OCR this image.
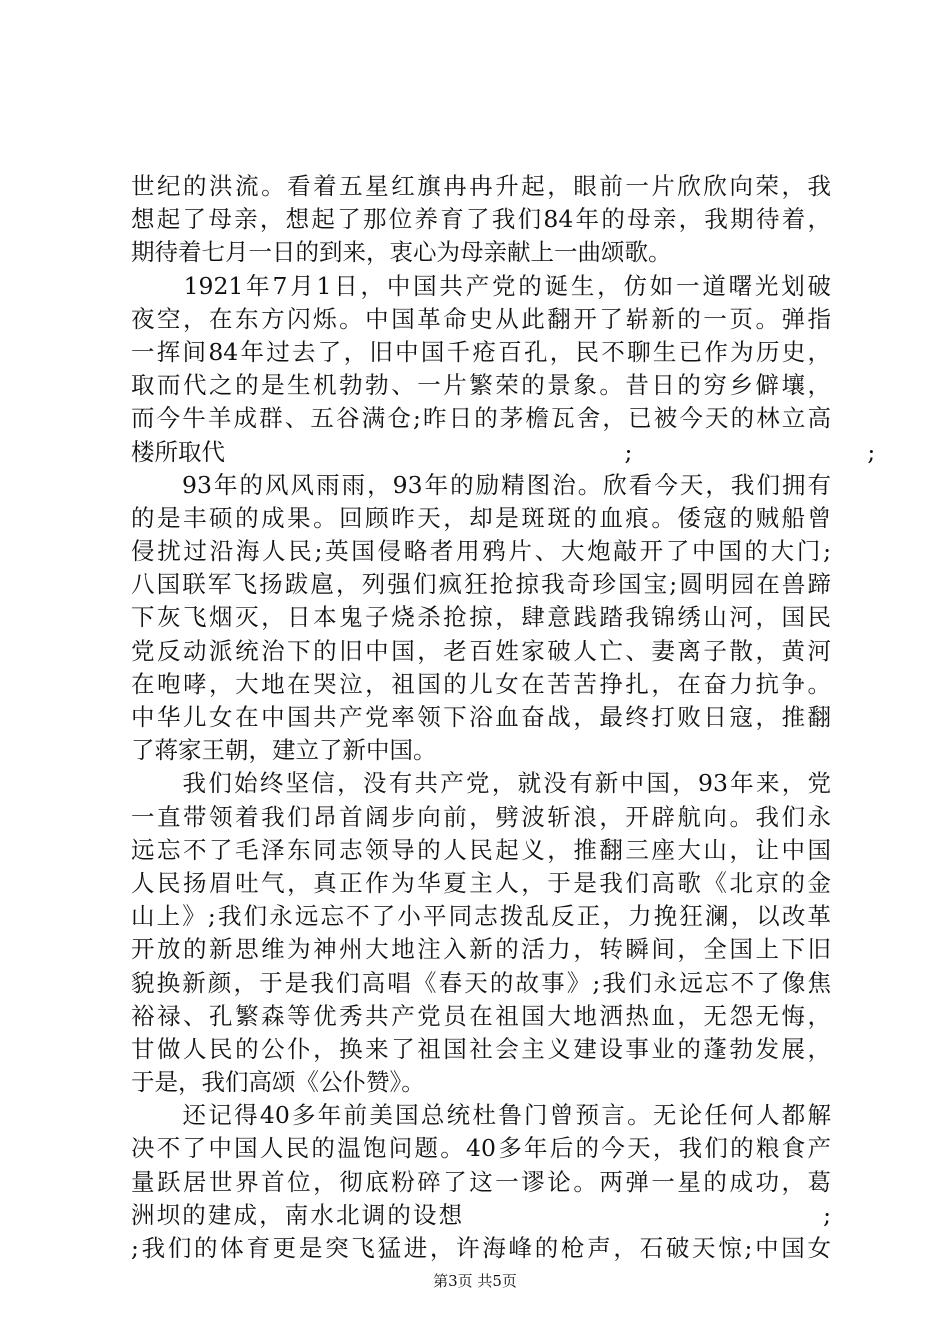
世纪的洪流。看着五星红旗冉冉升起，眼前一片欣欣向荣，我
想起了母亲，想起了那位养育了我们84年的母亲，我期待着，
期待着七月一日的到来，衷心为母亲献上一曲颂歌。
　　1921年7月1日，中国共产党的诞生，仿如一道曙光划破
夜空，在东方闪烁。中国革命史从此翻开了崭新的一页。弹指
一挥间84年过去了，旧中国千疮百孔，民不聊生已作为历史，
取而代之的是生机勃勃、一片繁荣的景象。昔日的穷乡僻壤，
而今牛羊成群、五谷满仓;昨日的茅檐瓦舍，已被今天的林立高
楼所取代　　　　　　　　　　　　　　　　　;　　　　　　　　　　;
　　93年的风风雨雨，93年的励精图治。欣看今天，我们拥有
的是丰硕的成果。回顾昨天，却是斑斑的血痕。倭寇的贼船曾
侵扰过沿海人民;英国侵略者用鸦片、大炮敲开了中国的大门;
八国联军飞扬跋扈，列强们疯狂抢掠我奇珍国宝;圆明园在兽蹄
下灰飞烟灭，日本鬼子烧杀抢掠，肆意践踏我锦绣山河，国民
党反动派统治下的旧中国，老百姓家破人亡、妻离子散，黄河
在咆哮，大地在哭泣，祖国的儿女在苦苦挣扎，在奋力抗争。
中华儿女在中国共产党率领下浴血奋战，最终打败日寇，推翻
了蒋家王朝，建立了新中国。
　　我们始终坚信，没有共产党，就没有新中国，93年来，党
一直带领着我们昂首阔步向前，劈波斩浪，开辟航向。我们永
远忘不了毛泽东同志领导的人民起义，推翻三座大山，让中国
人民扬眉吐气，真正作为华夏主人，于是我们高歌《北京的金
山上》;我们永远忘不了小平同志拨乱反正，力挽狂澜，以改革
开放的新思维为神州大地注入新的活力，转瞬间，全国上下旧
貌换新颜，于是我们高唱《春天的故事》;我们永远忘不了像焦
裕禄、孔繁森等优秀共产党员在祖国大地洒热血，无怨无悔，
甘做人民的公仆，换来了祖国社会主义建设事业的蓬勃发展，
于是，我们高颂《公仆赞》。
　　还记得40多年前美国总统杜鲁门曾预言。无论任何人都解
决不了中国人民的温饱问题。40多年后的今天，我们的粮食产
量跃居世界首位，彻底粉碎了这一谬论。两弹一星的成功，葛
洲坝的建成，南水北调的设想　　　　　　　　　　　　　　;
;我们的体育更是突飞猛进，许海峰的枪声，石破天惊;中国女
第3页 共5页
